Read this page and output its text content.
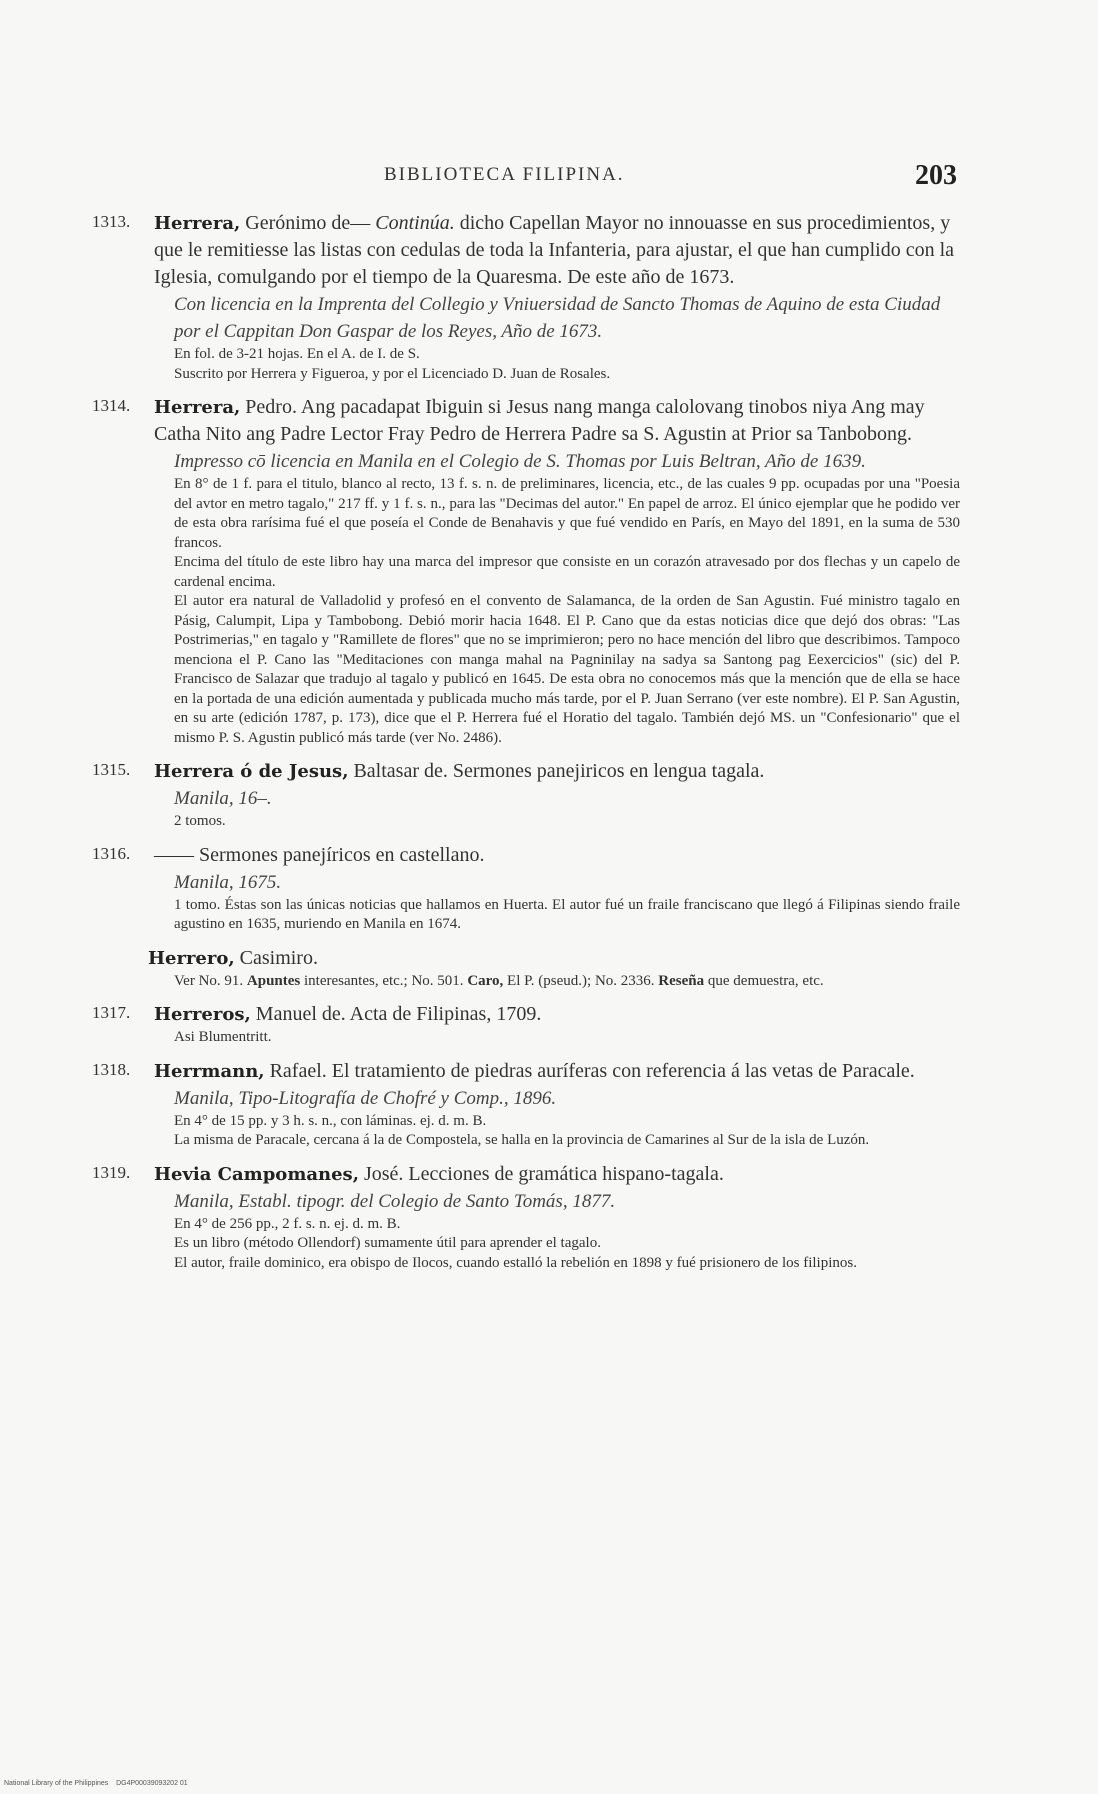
BIBLIOTECA FILIPINA.	203
1313. Herrera, Gerónimo de— Continúa. dicho Capellan Mayor no innouasse en sus procedimientos, y que le remitiesse las listas con cedulas de toda la Infanteria, para ajustar, el que han cumplido con la Iglesia, comulgando por el tiempo de la Quaresma. De este año de 1673.
Con licencia en la Imprenta del Collegio y Vniuersidad de Sancto Thomas de Aquino de esta Ciudad por el Cappitan Don Gaspar de los Reyes, Año de 1673.

En fol. de 3-21 hojas. En el A. de I. de S.

Suscrito por Herrera y Figueroa, y por el Licenciado D. Juan de Rosales.

1314. Herrera, Pedro. Ang pacadapat Ibiguin si Jesus nang manga calolovang tinobos niya Ang may Catha Nito ang Padre Lector Fray Pedro de Herrera Padre sa S. Agustin at Prior sa Tanbobong.
Impresso cō licencia en Manila en el Colegio de S. Thomas por Luis Beltran, Año de 1639.

En 8° de 1 f. para el titulo, blanco al recto, 13 f. s. n. de preliminares, licencia, etc., de las cuales 9 pp. ocupadas por una "Poesia del avtor en metro tagalo," 217 ff. y 1 f. s. n., para las "Decimas del autor." En papel de arroz. El único ejemplar que he podido ver de esta obra rarísima fué el que poseía el Conde de Benahavis y que fué vendido en París, en Mayo del 1891, en la suma de 530 francos.

Encima del título de este libro hay una marca del impresor que consiste en un corazón atravesado por dos flechas y un capelo de cardenal encima.

El autor era natural de Valladolid y profesó en el convento de Salamanca, de la orden de San Agustin. Fué ministro tagalo en Pásig, Calumpit, Lipa y Tambobong. Debió morir hacia 1648. El P. Cano que da estas noticias dice que dejó dos obras: "Las Postrimerias," en tagalo y "Ramillete de flores" que no se imprimieron; pero no hace mención del libro que describimos. Tampoco menciona el P. Cano las "Meditaciones con manga mahal na Pagninilay na sadya sa Santong pag Eexercicios" (sic) del P. Francisco de Salazar que tradujo al tagalo y publicó en 1645. De esta obra no conocemos más que la mención que de ella se hace en la portada de una edición aumentada y publicada mucho más tarde, por el P. Juan Serrano (ver este nombre). El P. San Agustin, en su arte (edición 1787, p. 173), dice que el P. Herrera fué el Horatio del tagalo. También dejó MS. un "Confesionario" que el mismo P. S. Agustin publicó más tarde (ver No. 2486).

1315. Herrera ó de Jesus, Baltasar de. Sermones panejiricos en lengua tagala.
Manila, 16–.

2 tomos.

1316. —— Sermones panejíricos en castellano.
Manila, 1675.

1 tomo. Éstas son las únicas noticias que hallamos en Huerta. El autor fué un fraile franciscano que llegó á Filipinas siendo fraile agustino en 1635, muriendo en Manila en 1674.

Herrero, Casimiro.

Ver No. 91. Apuntes interesantes, etc.; No. 501. Caro, El P. (pseud.); No. 2336. Reseña que demuestra, etc.

1317. Herreros, Manuel de. Acta de Filipinas, 1709.

Asi Blumentritt.

1318. Herrmann, Rafael. El tratamiento de piedras auríferas con referencia á las vetas de Paracale.
Manila, Tipo-Litografía de Chofré y Comp., 1896.

En 4° de 15 pp. y 3 h. s. n., con láminas. ej. d. m. B.

La misma de Paracale, cercana á la de Compostela, se halla en la provincia de Camarines al Sur de la isla de Luzón.

1319. Hevia Campomanes, José. Lecciones de gramática hispano-tagala.
Manila, Establ. tipogr. del Colegio de Santo Tomás, 1877.

En 4° de 256 pp., 2 f. s. n. ej. d. m. B.

Es un libro (método Ollendorf) sumamente útil para aprender el tagalo.

El autor, fraile dominico, era obispo de Ilocos, cuando estalló la rebelión en 1898 y fué prisionero de los filipinos.

National Library of the Philippines DG4P00039093202 01
